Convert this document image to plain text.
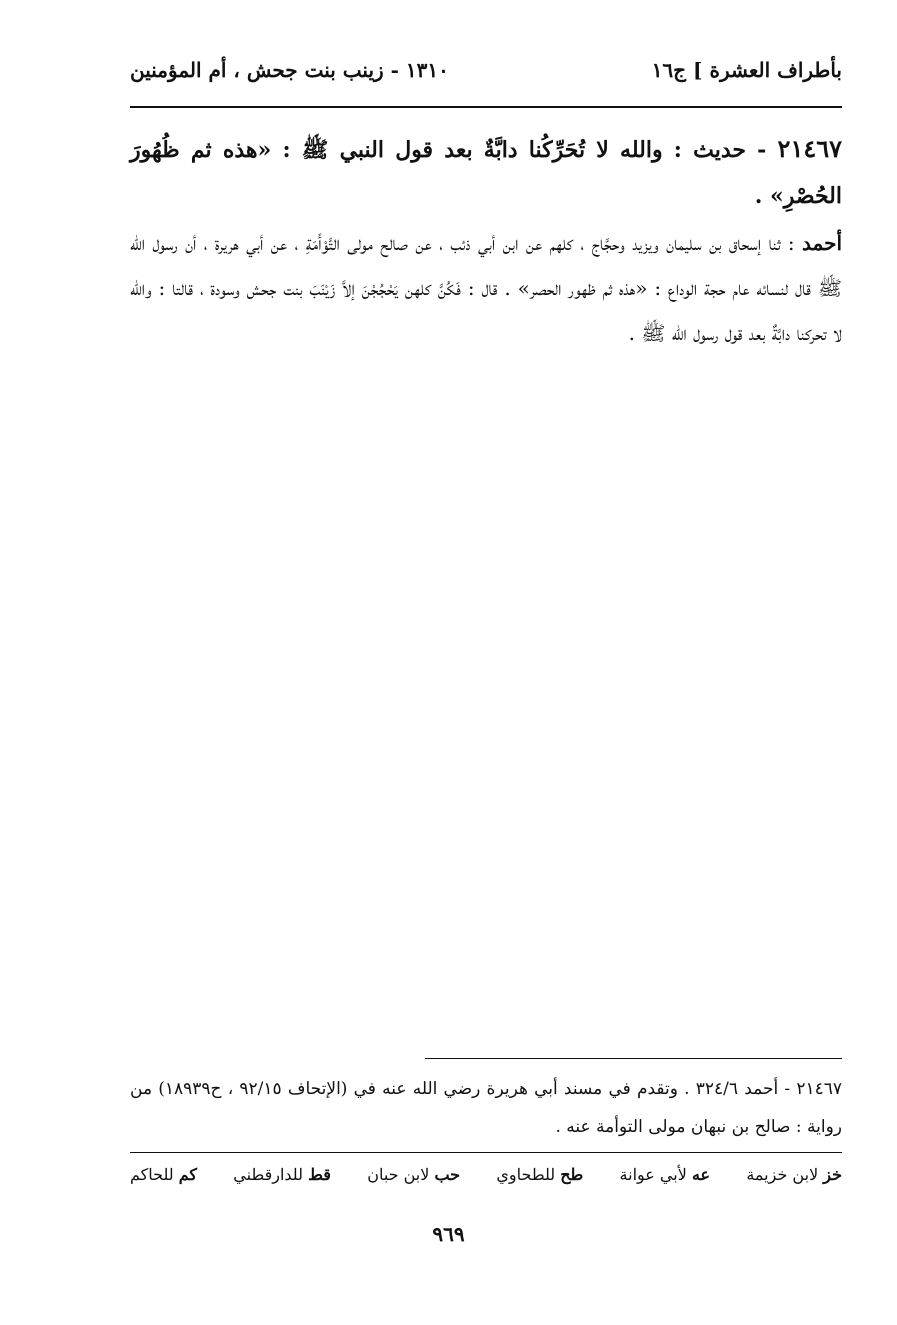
بأطراف العشرة ] ج١٦
١٣١٠ - زينب بنت جحش ، أم المؤمنين

٢١٤٦٧ - حديث : والله لا تُحَرِّكُنا دابَّةٌ بعد قول النبي ﷺ : «هذه ثم ظُهُورَ الحُصْرِ» .

أحمد : ثنا إسحاق بن سليمان ويزيد وحجَّاج ، كلهم عن ابن أبي ذئب ، عن صالح مولى التَّوْأَمَةِ ، عن أبي هريرة ، أن رسول الله ﷺ قال لنسائه عام حجة الوداع : «هذه ثم ظهور الحصر» . قال : فَكُنَّ كلهن يَحْجُجْنَ إلاَّ زَيْنَبَ بنت جحش وسودة ، قالتا : والله لا تحركنا دابَّةٌ بعد قول رسول الله ﷺ .

٢١٤٦٧ - أحمد ٣٢٤/٦ . وتقدم في مسند أبي هريرة رضي الله عنه في (الإتحاف ٩٢/١٥ ، ح١٨٩٣٩) من رواية : صالح بن نبهان مولى التوأمة عنه .
خز لابن خزيمة
عه لأبي عوانة
طح للطحاوي
حب لابن حبان
قط للدارقطني
كم للحاكم
٩٦٩
